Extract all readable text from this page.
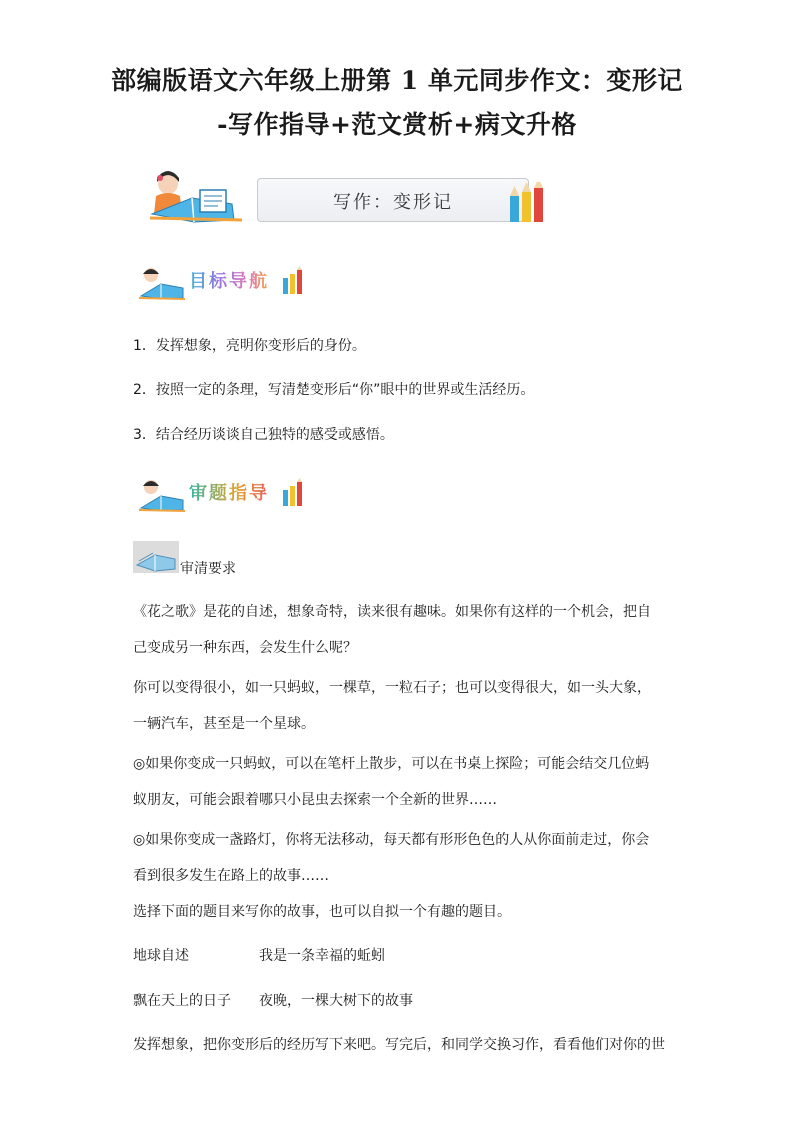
部编版语文六年级上册第 1 单元同步作文：变形记
-写作指导+范文赏析+病文升格
写作：变形记
目标导航
1．发挥想象，亮明你变形后的身份。
2．按照一定的条理，写清楚变形后“你”眼中的世界或生活经历。
3．结合经历谈谈自己独特的感受或感悟。
审题指导
审清要求
《花之歌》是花的自述，想象奇特，读来很有趣味。如果你有这样的一个机会，把自己变成另一种东西，会发生什么呢？
你可以变得很小，如一只蚂蚁，一棵草，一粒石子；也可以变得很大，如一头大象，一辆汽车，甚至是一个星球。
◎如果你变成一只蚂蚁，可以在笔杆上散步，可以在书桌上探险；可能会结交几位蚂蚁朋友，可能会跟着哪只小昆虫去探索一个全新的世界……
◎如果你变成一盏路灯，你将无法移动，每天都有形形色色的人从你面前走过，你会看到很多发生在路上的故事……
选择下面的题目来写你的故事，也可以自拟一个有趣的题目。
地球自述	我是一条幸福的蚯蚓
飘在天上的日子 夜晚，一棵大树下的故事
发挥想象，把你变形后的经历写下来吧。写完后，和同学交换习作，看看他们对你的世
